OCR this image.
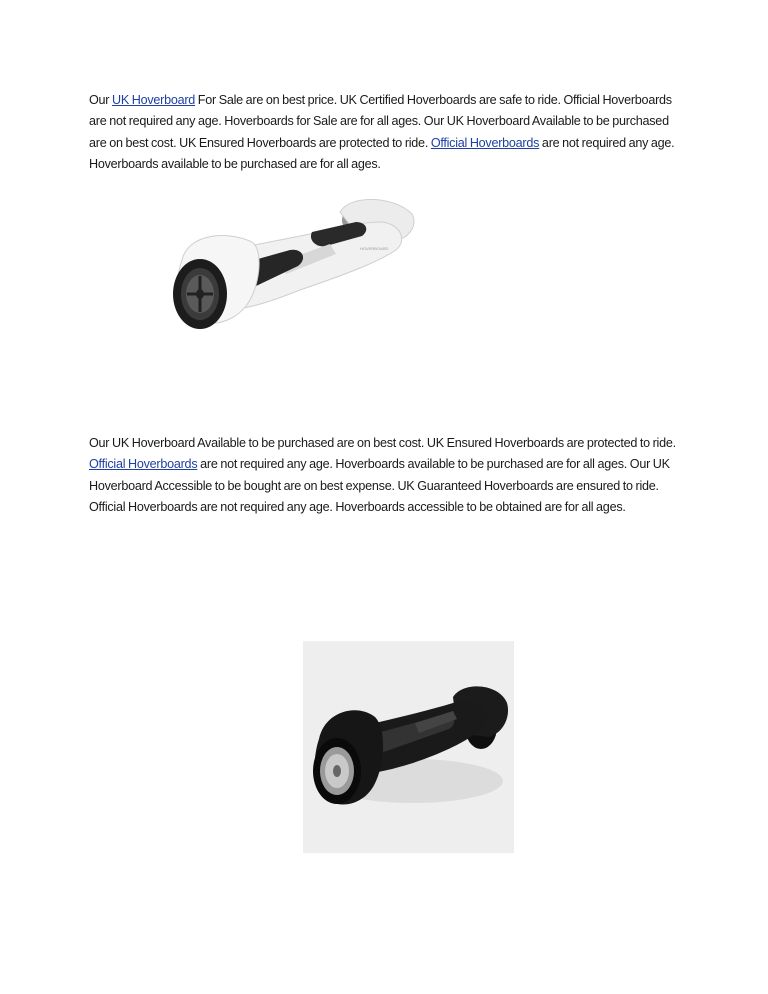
Our UK Hoverboard For Sale are on best price. UK Certified Hoverboards are safe to ride. Official Hoverboards are not required any age. Hoverboards for Sale are for all ages. Our UK Hoverboard Available to be purchased are on best cost. UK Ensured Hoverboards are protected to ride. Official Hoverboards are not required any age. Hoverboards available to be purchased are for all ages.
HOVERBOARD
Our UK Hoverboard Available to be purchased are on best cost. UK Ensured Hoverboards are protected to ride. Official Hoverboards are not required any age. Hoverboards available to be purchased are for all ages. Our UK Hoverboard Accessible to be bought are on best expense. UK Guaranteed Hoverboards are ensured to ride. Official Hoverboards are not required any age. Hoverboards accessible to be obtained are for all ages.
